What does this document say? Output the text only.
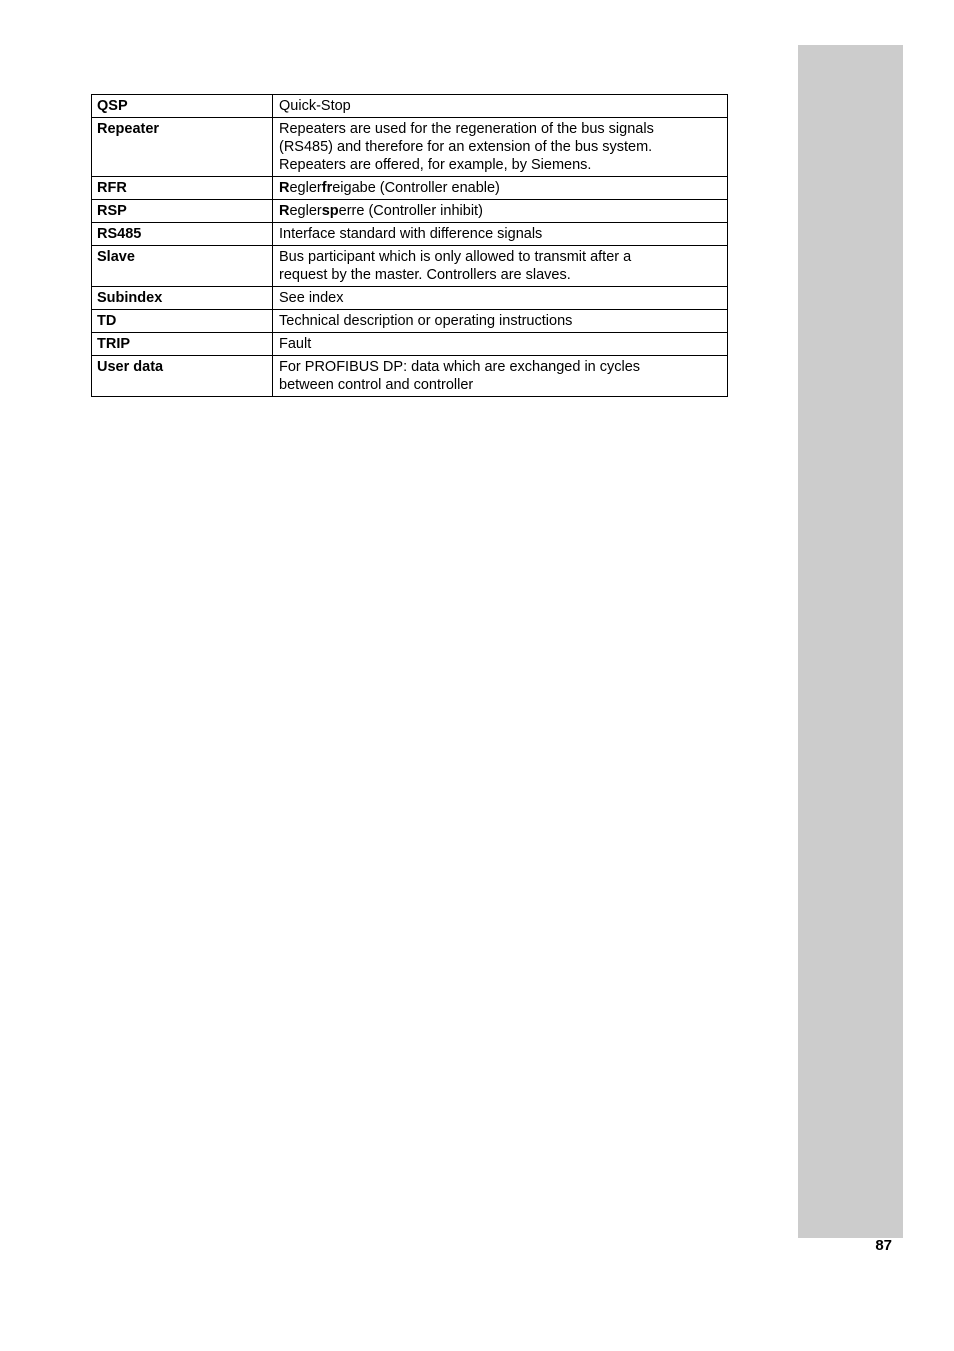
QSP	Quick-Stop

Repeater	Repeaters are used for the regeneration of the bus signals
(RS485) and therefore for an extension of the bus system.
Repeaters are offered, for example, by Siemens.

RFR	Reglerfreigabe (Controller enable)
RSP	Reglersperre (Controller inhibit)
RS485	Interface standard with difference signals

Slave	Bus participant which is only allowed to transmit after a
request by the master. Controllers are slaves.

Subindex	See index

TD	Technical description or operating instructions

TRIP	Fault

User data	For PROFIBUS DP: data which are exchanged in cycles
between control and controller
87
